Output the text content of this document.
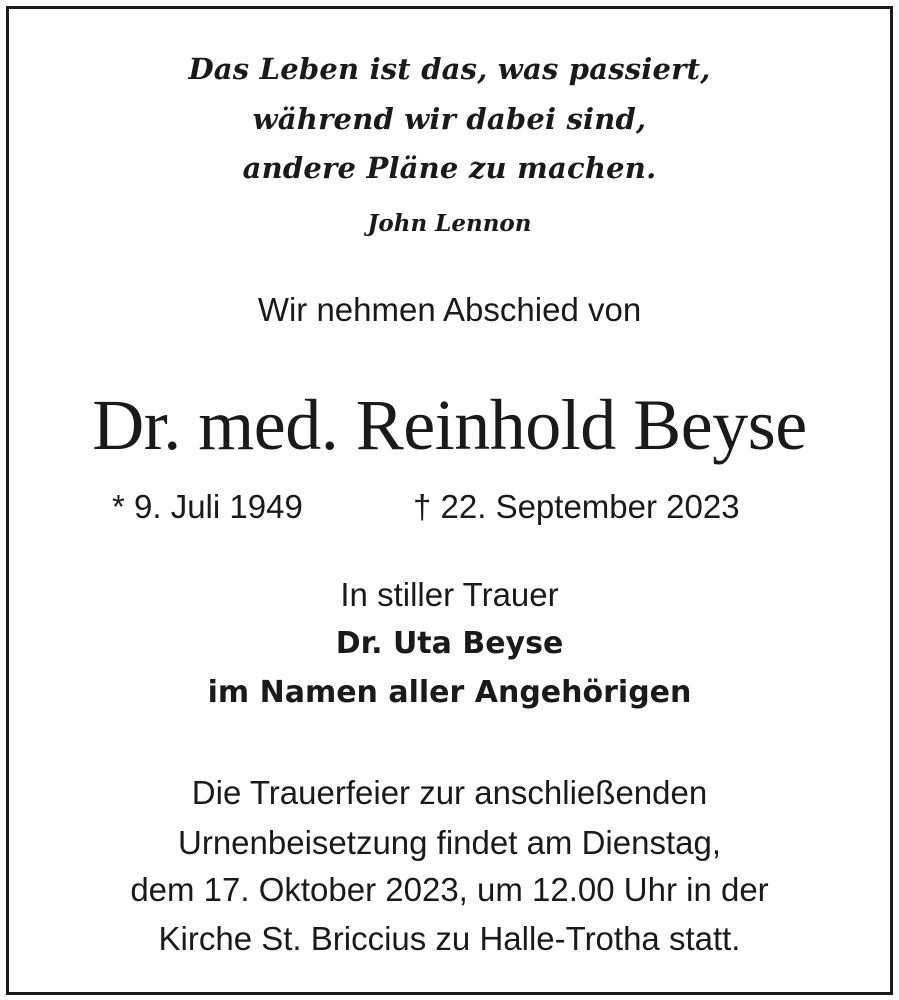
Das Leben ist das, was passiert,

während wir dabei sind,

andere Pläne zu machen.

John Lennon

Wir nehmen Abschied von

Dr. med. Reinhold Beyse

* 9. Juli 1949	† 22. September 2023

In stiller Trauer

Dr. Uta Beyse

im Namen aller Angehörigen

Die Trauerfeier zur anschließenden

Urnenbeisetzung findet am Dienstag,

dem 17. Oktober 2023, um 12.00 Uhr in der

Kirche St. Briccius zu Halle-Trotha statt.
